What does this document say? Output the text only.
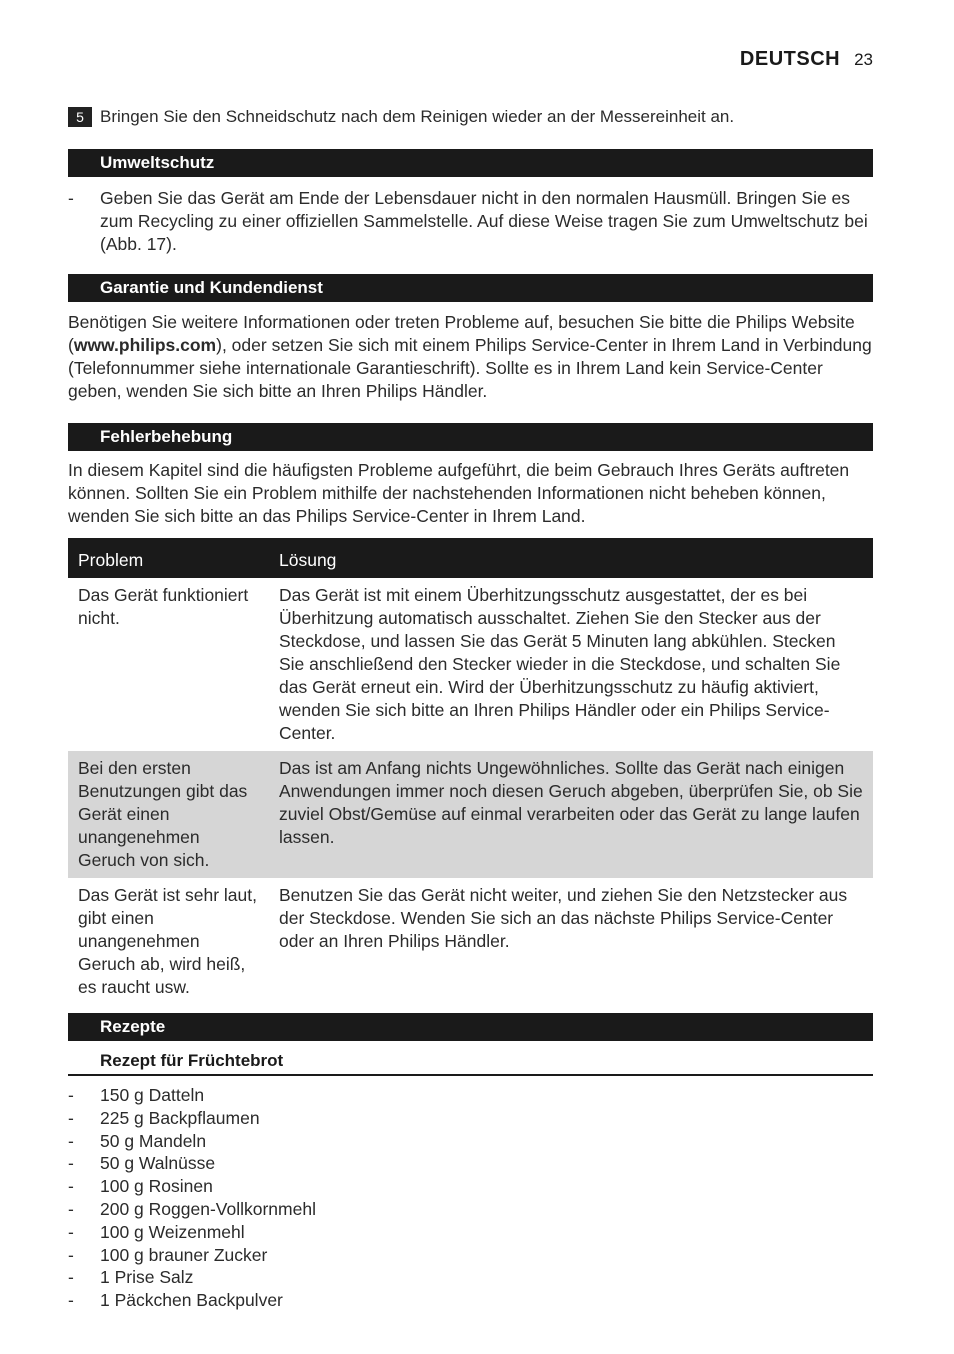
DEUTSCH 23
5 Bringen Sie den Schneidschutz nach dem Reinigen wieder an der Messereinheit an.
Umweltschutz
-	Geben Sie das Gerät am Ende der Lebensdauer nicht in den normalen Hausmüll. Bringen Sie es zum Recycling zu einer offiziellen Sammelstelle. Auf diese Weise tragen Sie zum Umweltschutz bei (Abb. 17).
Garantie und Kundendienst
Benötigen Sie weitere Informationen oder treten Probleme auf, besuchen Sie bitte die Philips Website (www.philips.com), oder setzen Sie sich mit einem Philips Service-Center in Ihrem Land in Verbindung (Telefonnummer siehe internationale Garantieschrift). Sollte es in Ihrem Land kein Service-Center geben, wenden Sie sich bitte an Ihren Philips Händler.
Fehlerbehebung
In diesem Kapitel sind die häufigsten Probleme aufgeführt, die beim Gebrauch Ihres Geräts auftreten können. Sollten Sie ein Problem mithilfe der nachstehenden Informationen nicht beheben können, wenden Sie sich bitte an das Philips Service-Center in Ihrem Land.
Problem	Lösung
Das Gerät funktioniert nicht.	Das Gerät ist mit einem Überhitzungsschutz ausgestattet, der es bei Überhitzung automatisch ausschaltet. Ziehen Sie den Stecker aus der Steckdose, und lassen Sie das Gerät 5 Minuten lang abkühlen. Stecken Sie anschließend den Stecker wieder in die Steckdose, und schalten Sie das Gerät erneut ein. Wird der Überhitzungsschutz zu häufig aktiviert, wenden Sie sich bitte an Ihren Philips Händler oder ein Philips Service-Center.
Bei den ersten Benutzungen gibt das Gerät einen unangenehmen Geruch von sich.	Das ist am Anfang nichts Ungewöhnliches. Sollte das Gerät nach einigen Anwendungen immer noch diesen Geruch abgeben, überprüfen Sie, ob Sie zuviel Obst/Gemüse auf einmal verarbeiten oder das Gerät zu lange laufen lassen.
Das Gerät ist sehr laut, gibt einen unangenehmen Geruch ab, wird heiß, es raucht usw.	Benutzen Sie das Gerät nicht weiter, und ziehen Sie den Netzstecker aus der Steckdose. Wenden Sie sich an das nächste Philips Service-Center oder an Ihren Philips Händler.
Rezepte
Rezept für Früchtebrot
-	150 g Datteln
-	225 g Backpflaumen
-	50 g Mandeln
-	50 g Walnüsse
-	100 g Rosinen
-	200 g Roggen-Vollkornmehl
-	100 g Weizenmehl
-	100 g brauner Zucker
-	1 Prise Salz
-	1 Päckchen Backpulver
